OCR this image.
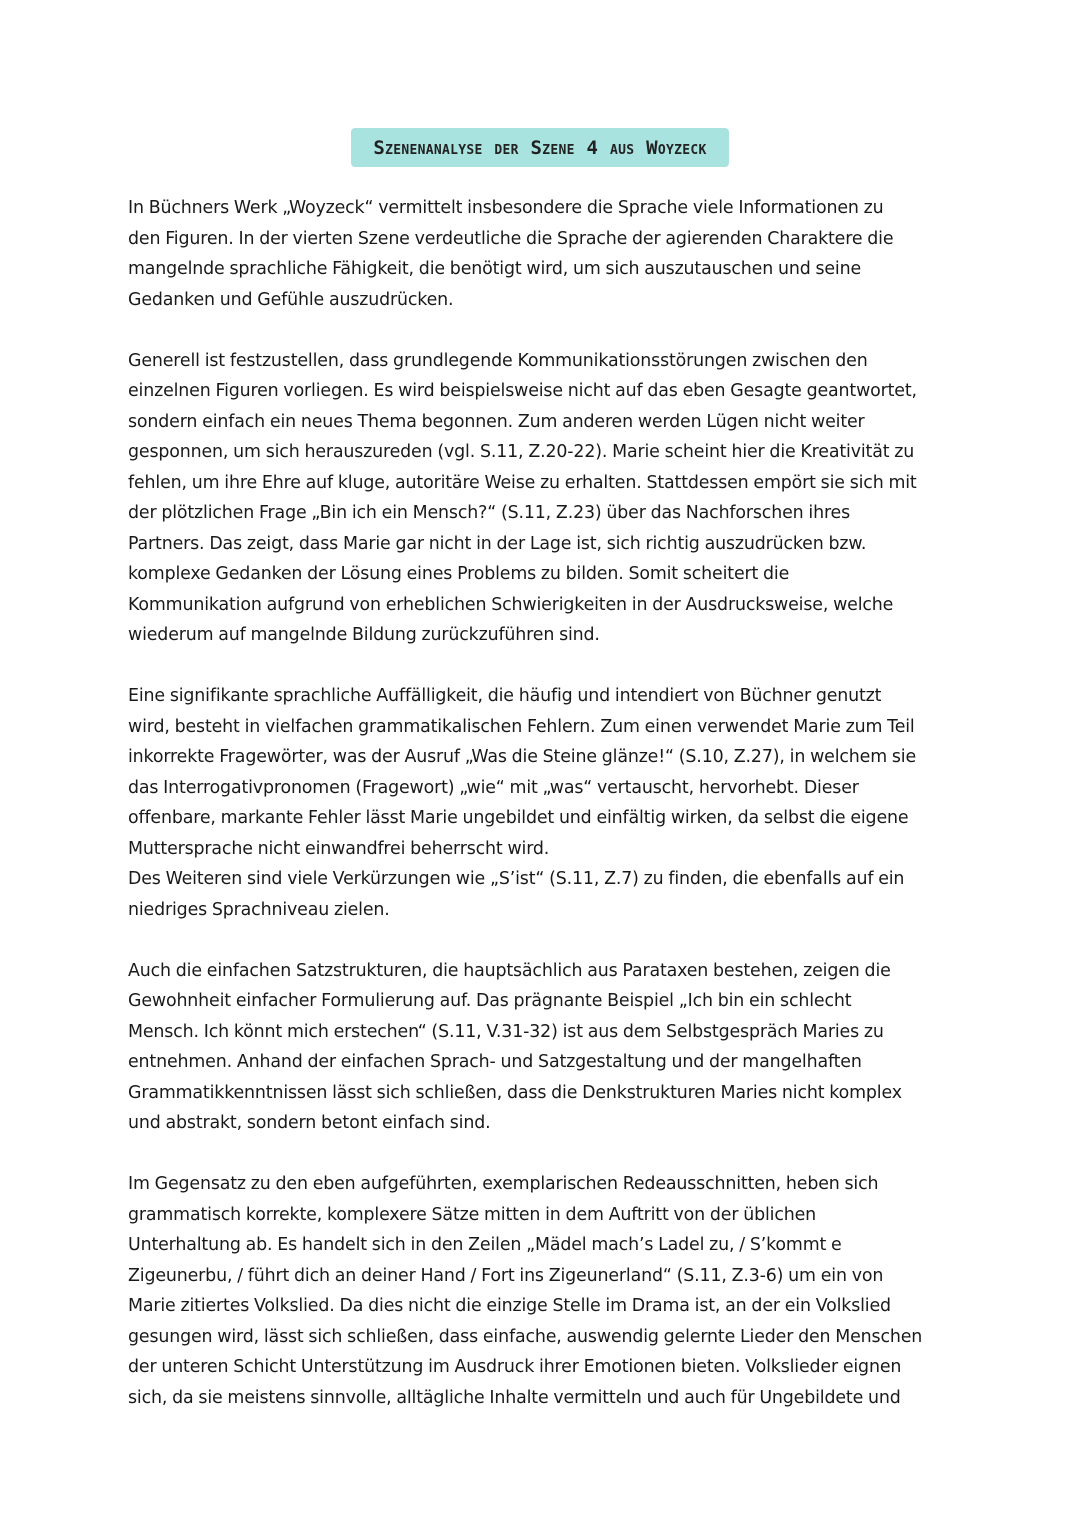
Szenenanalyse der Szene 4 aus Woyzeck
In Büchners Werk „Woyzeck“ vermittelt insbesondere die Sprache viele Informationen zu
den Figuren. In der vierten Szene verdeutliche die Sprache der agierenden Charaktere die
mangelnde sprachliche Fähigkeit, die benötigt wird, um sich auszutauschen und seine
Gedanken und Gefühle auszudrücken.
Generell ist festzustellen, dass grundlegende Kommunikationsstörungen zwischen den
einzelnen Figuren vorliegen. Es wird beispielsweise nicht auf das eben Gesagte geantwortet,
sondern einfach ein neues Thema begonnen. Zum anderen werden Lügen nicht weiter
gesponnen, um sich herauszureden (vgl. S.11, Z.20-22). Marie scheint hier die Kreativität zu
fehlen, um ihre Ehre auf kluge, autoritäre Weise zu erhalten. Stattdessen empört sie sich mit
der plötzlichen Frage „Bin ich ein Mensch?“ (S.11, Z.23) über das Nachforschen ihres
Partners. Das zeigt, dass Marie gar nicht in der Lage ist, sich richtig auszudrücken bzw.
komplexe Gedanken der Lösung eines Problems zu bilden. Somit scheitert die
Kommunikation aufgrund von erheblichen Schwierigkeiten in der Ausdrucksweise, welche
wiederum auf mangelnde Bildung zurückzuführen sind.
Eine signifikante sprachliche Auffälligkeit, die häufig und intendiert von Büchner genutzt
wird, besteht in vielfachen grammatikalischen Fehlern. Zum einen verwendet Marie zum Teil
inkorrekte Fragewörter, was der Ausruf „Was die Steine glänze!“ (S.10, Z.27), in welchem sie
das Interrogativpronomen (Fragewort) „wie“ mit „was“ vertauscht, hervorhebt. Dieser
offenbare, markante Fehler lässt Marie ungebildet und einfältig wirken, da selbst die eigene
Muttersprache nicht einwandfrei beherrscht wird.
Des Weiteren sind viele Verkürzungen wie „S’ist“ (S.11, Z.7) zu finden, die ebenfalls auf ein
niedriges Sprachniveau zielen.
Auch die einfachen Satzstrukturen, die hauptsächlich aus Parataxen bestehen, zeigen die
Gewohnheit einfacher Formulierung auf. Das prägnante Beispiel „Ich bin ein schlecht
Mensch. Ich könnt mich erstechen“ (S.11, V.31-32) ist aus dem Selbstgespräch Maries zu
entnehmen. Anhand der einfachen Sprach- und Satzgestaltung und der mangelhaften
Grammatikkenntnissen lässt sich schließen, dass die Denkstrukturen Maries nicht komplex
und abstrakt, sondern betont einfach sind.
Im Gegensatz zu den eben aufgeführten, exemplarischen Redeausschnitten, heben sich
grammatisch korrekte, komplexere Sätze mitten in dem Auftritt von der üblichen
Unterhaltung ab. Es handelt sich in den Zeilen „Mädel mach’s Ladel zu, / S’kommt e
Zigeunerbu, / führt dich an deiner Hand / Fort ins Zigeunerland“ (S.11, Z.3-6) um ein von
Marie zitiertes Volkslied. Da dies nicht die einzige Stelle im Drama ist, an der ein Volkslied
gesungen wird, lässt sich schließen, dass einfache, auswendig gelernte Lieder den Menschen
der unteren Schicht Unterstützung im Ausdruck ihrer Emotionen bieten. Volkslieder eignen
sich, da sie meistens sinnvolle, alltägliche Inhalte vermitteln und auch für Ungebildete und
